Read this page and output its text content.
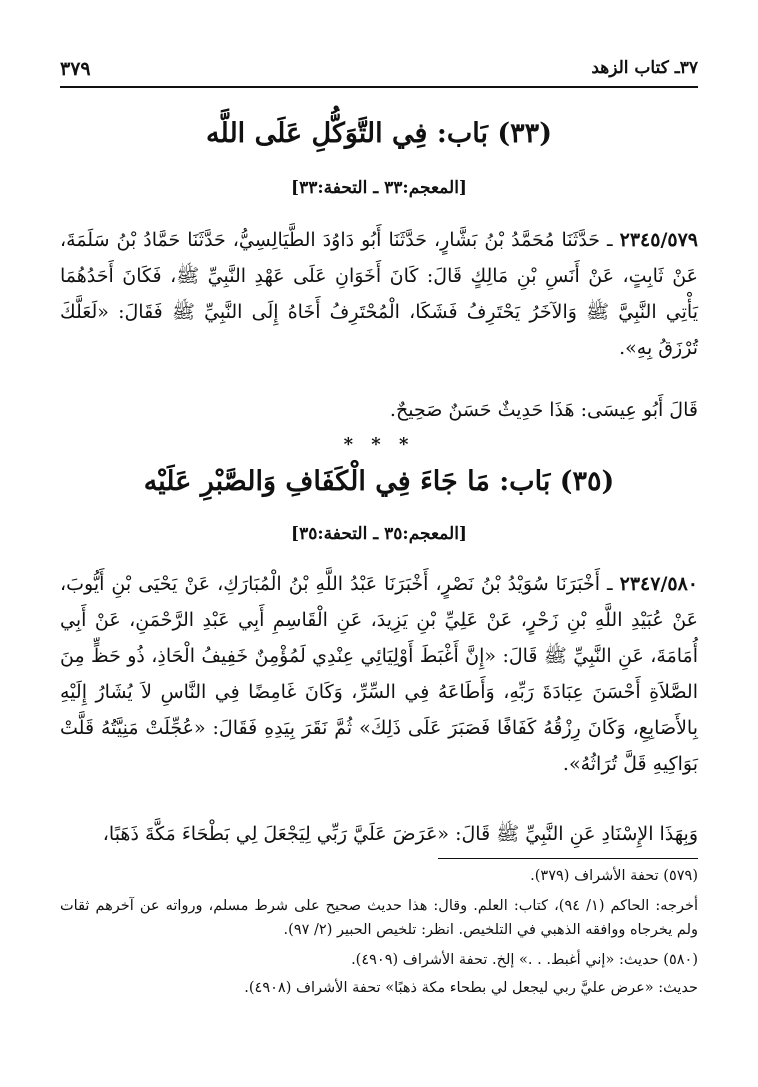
٣٧ـ كتاب الزهد
٣٧٩
(٣٣) بَاب: فِي التَّوَكُّلِ عَلَى اللَّه
[المعجم:٣٣ ـ التحفة:٣٣]
٢٣٤٥/٥٧٩ ـ حَدَّثَنَا مُحَمَّدُ بْنُ بَشَّارٍ، حَدَّثَنَا أَبُو دَاوُدَ الطَّيَالِسِيُّ، حَدَّثَنَا حَمَّادُ بْنُ سَلَمَةَ، عَنْ ثَابِتٍ، عَنْ أَنَسِ بْنِ مَالِكٍ قَالَ: كَانَ أَخَوَانِ عَلَى عَهْدِ النَّبِيِّ ﷺ، فَكَانَ أَحَدُهُمَا يَأْتِي النَّبِيَّ ﷺ وَالآخَرُ يَحْتَرِفُ فَشَكَا، الْمُحْتَرِفُ أَخَاهُ إِلَى النَّبِيِّ ﷺ فَقَالَ: «لَعَلَّكَ تُرْزَقُ بِهِ».
قَالَ أَبُو عِيسَى: هَذَا حَدِيثٌ حَسَنٌ صَحِيحٌ.
* * *
(٣٥) بَاب: مَا جَاءَ فِي الْكَفَافِ وَالصَّبْرِ عَلَيْه
[المعجم:٣٥ ـ التحفة:٣٥]
٢٣٤٧/٥٨٠ ـ أَخْبَرَنَا سُوَيْدُ بْنُ نَصْرٍ، أَخْبَرَنَا عَبْدُ اللَّهِ بْنُ الْمُبَارَكِ، عَنْ يَحْيَى بْنِ أَيُّوبَ، عَنْ عُبَيْدِ اللَّهِ بْنِ زَحْرٍ، عَنْ عَلِيِّ بْنِ يَزِيدَ، عَنِ الْقَاسِمِ أَبِي عَبْدِ الرَّحْمَنِ، عَنْ أَبِي أُمَامَةَ، عَنِ النَّبِيِّ ﷺ قَالَ: «إِنَّ أَغْبَطَ أَوْلِيَائِي عِنْدِي لَمُؤْمِنٌ خَفِيفُ الْحَاذِ، ذُو حَظٍّ مِنَ الصَّلاَةِ أَحْسَنَ عِبَادَةَ رَبِّهِ، وَأَطَاعَهُ فِي السِّرِّ، وَكَانَ غَامِضًا فِي النَّاسِ لاَ يُشَارُ إِلَيْهِ بِالأَصَابِعِ، وَكَانَ رِزْقُهُ كَفَافًا فَصَبَرَ عَلَى ذَلِكَ» ثُمَّ نَقَرَ بِيَدِهِ فَقَالَ: «عُجِّلَتْ مَنِيَّتُهُ قَلَّتْ بَوَاكِيهِ قَلَّ تُرَاثُهُ».
وَبِهَذَا الإِسْنَادِ عَنِ النَّبِيِّ ﷺ قَالَ: «عَرَضَ عَلَيَّ رَبِّي لِيَجْعَلَ لِي بَطْحَاءَ مَكَّةَ ذَهَبًا،

(٥٧٩) تحفة الأشراف (٣٧٩).

أخرجه: الحاكم (١/ ٩٤)، كتاب: العلم. وقال: هذا حديث صحيح على شرط مسلم، ورواته عن آخرهم ثقات ولم يخرجاه ووافقه الذهبي في التلخيص. انظر: تلخيص الحبير (٢/ ٩٧).

(٥٨٠) حديث: «إني أغبط. . .» إلخ. تحفة الأشراف (٤٩٠٩).

حديث: «عرض عليَّ ربي ليجعل لي بطحاء مكة ذهبًا» تحفة الأشراف (٤٩٠٨).
